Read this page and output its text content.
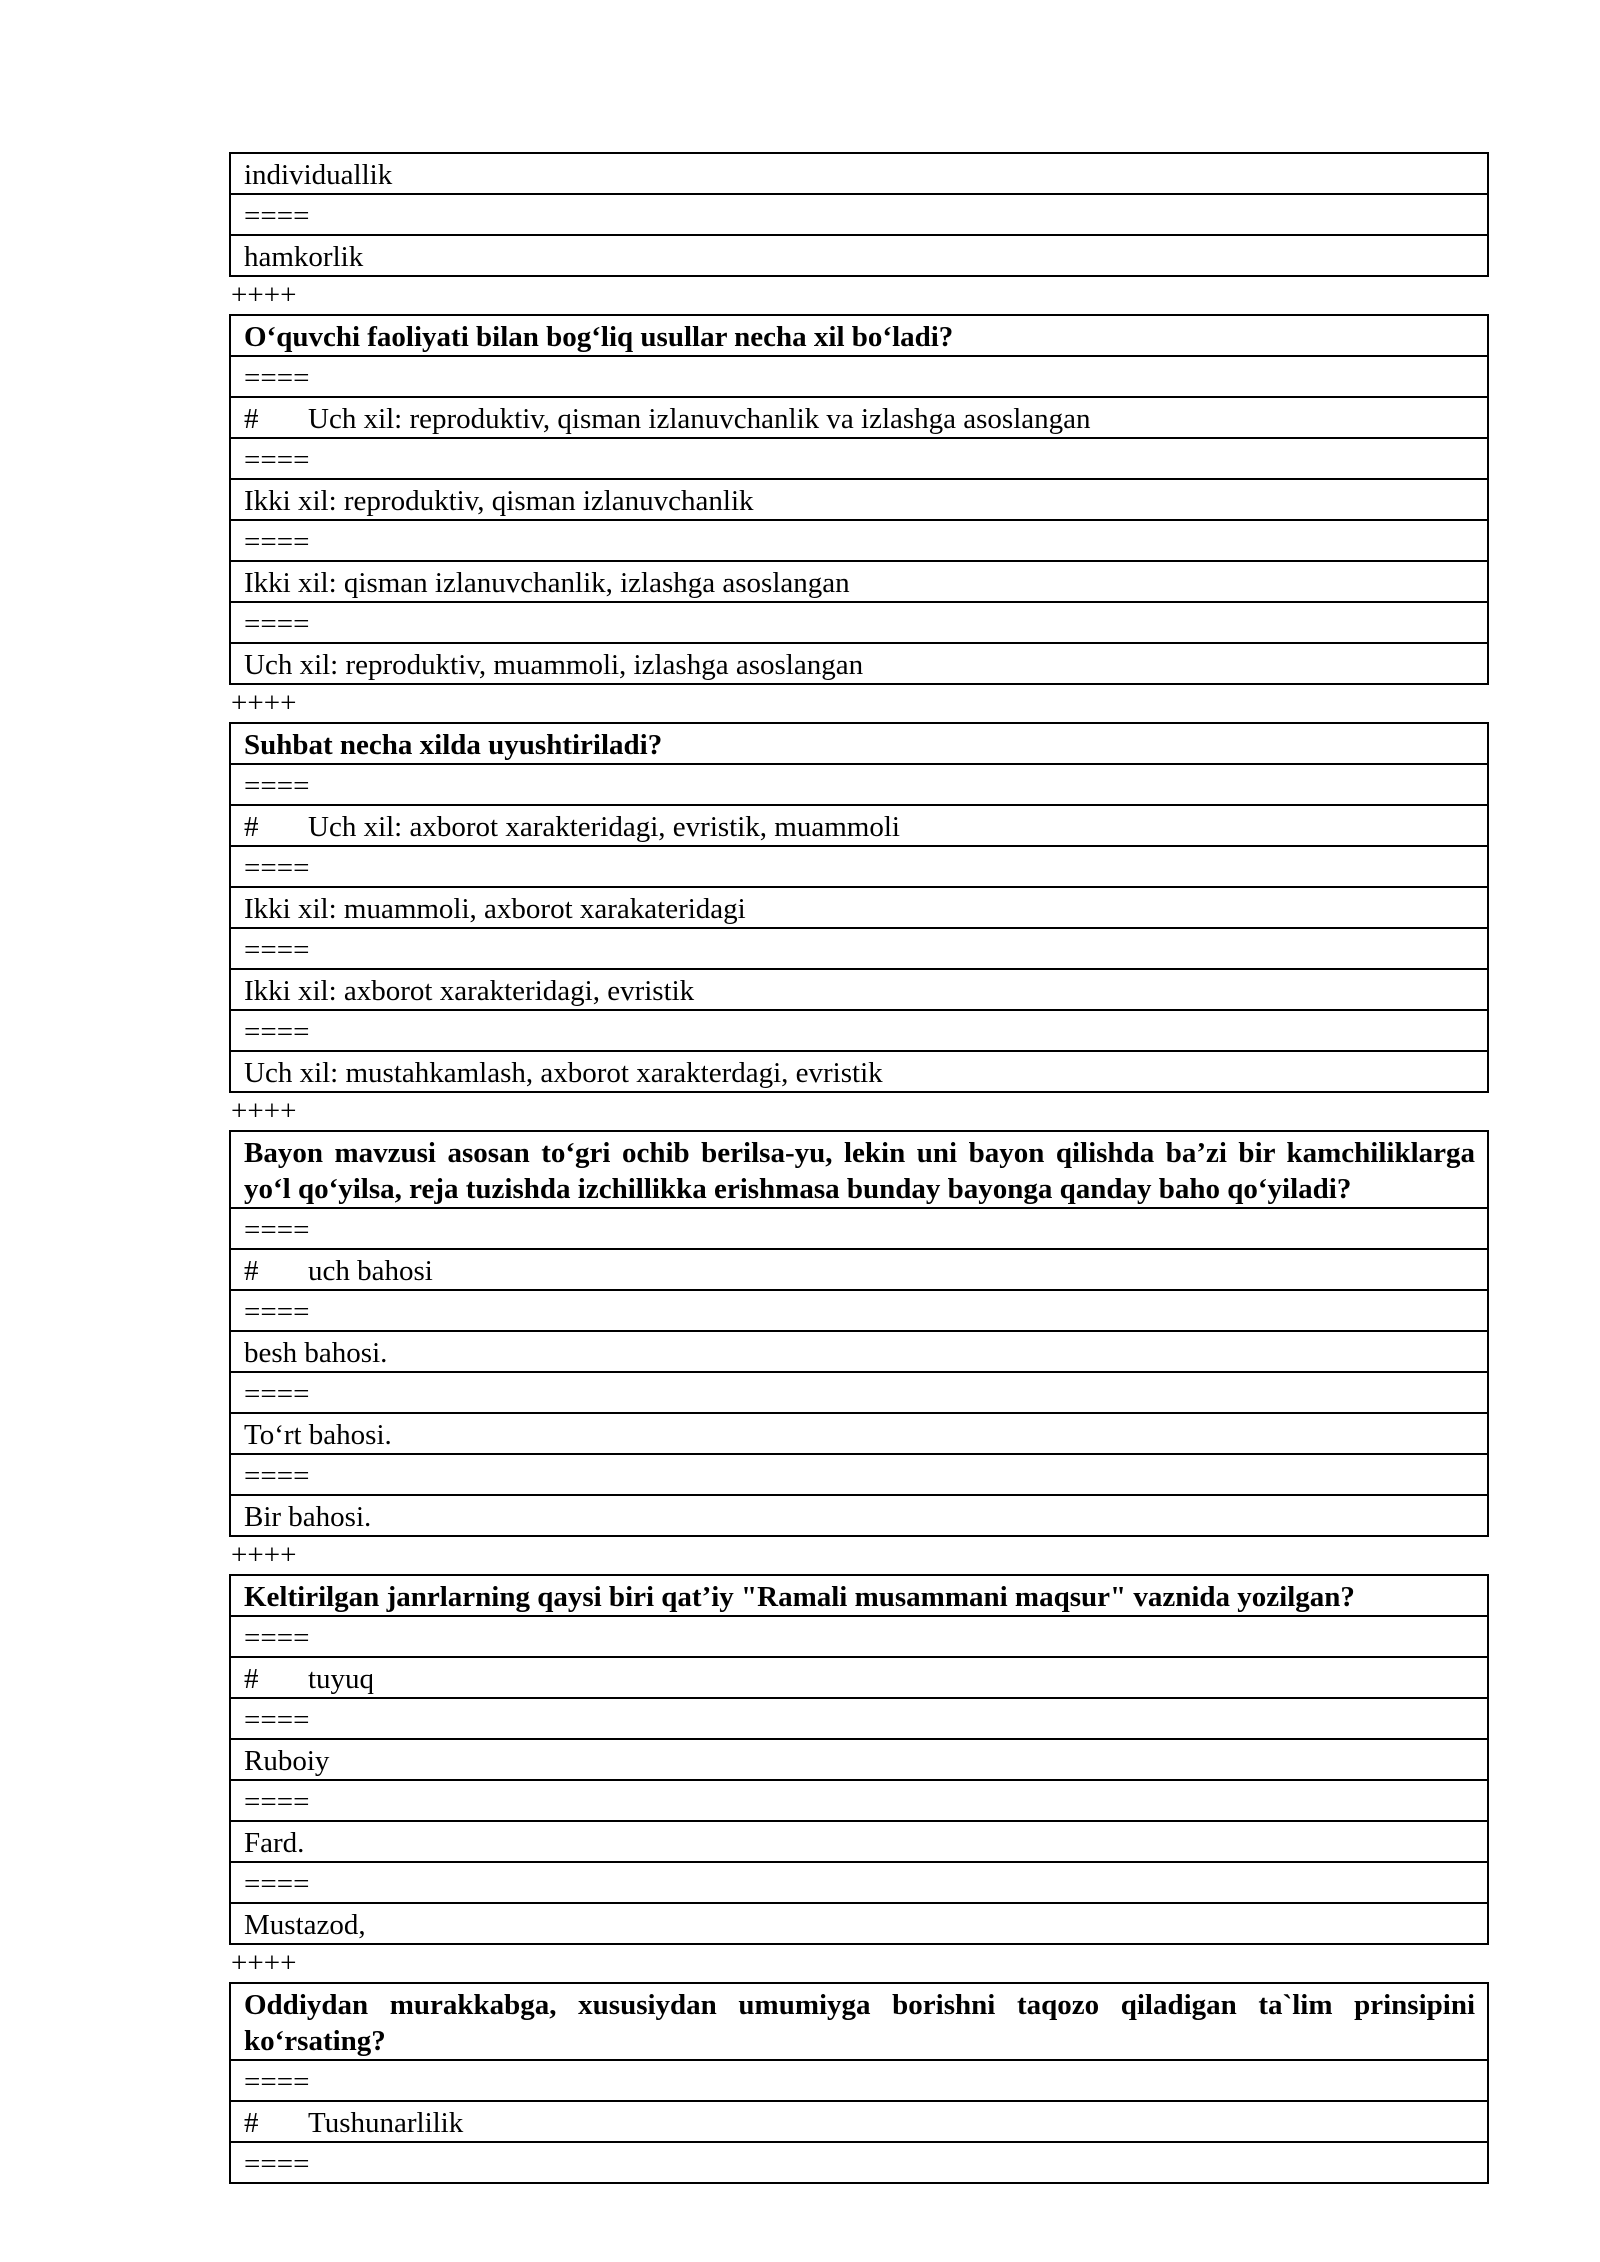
individuallik
====
hamkorlik
++++
O‘quvchi faoliyati bilan bog‘liq usullar necha xil bo‘ladi?
====
# Uch xil: reproduktiv, qisman izlanuvchanlik va izlashga asoslangan
====
Ikki xil: reproduktiv, qisman izlanuvchanlik
====
Ikki xil: qisman izlanuvchanlik, izlashga asoslangan
====
Uch xil: reproduktiv, muammoli, izlashga asoslangan
++++
Suhbat necha xilda uyushtiriladi?
====
# Uch xil: axborot xarakteridagi, evristik, muammoli
====
Ikki xil: muammoli, axborot xarakateridagi
====
Ikki xil: axborot xarakteridagi, evristik
====
Uch xil: mustahkamlash, axborot xarakterdagi, evristik
++++
Bayon mavzusi asosan to‘gri ochib berilsa-yu, lekin uni bayon qilishda ba’zi bir kamchiliklarga yo‘l qo‘yilsa, reja tuzishda izchillikka erishmasa bunday bayonga qanday baho qo‘yiladi?
====
# uch bahosi
====
besh bahosi.
====
To‘rt bahosi.
====
Bir bahosi.
++++
Keltirilgan janrlarning qaysi biri qat’iy "Ramali musammani maqsur" vaznida yozilgan?
====
# tuyuq
====
Ruboiy
====
Fard.
====
Mustazod,
++++
Oddiydan murakkabga, xususiydan umumiyga borishni taqozo qiladigan ta`lim prinsipini ko‘rsating?
====
# Tushunarlilik
====
